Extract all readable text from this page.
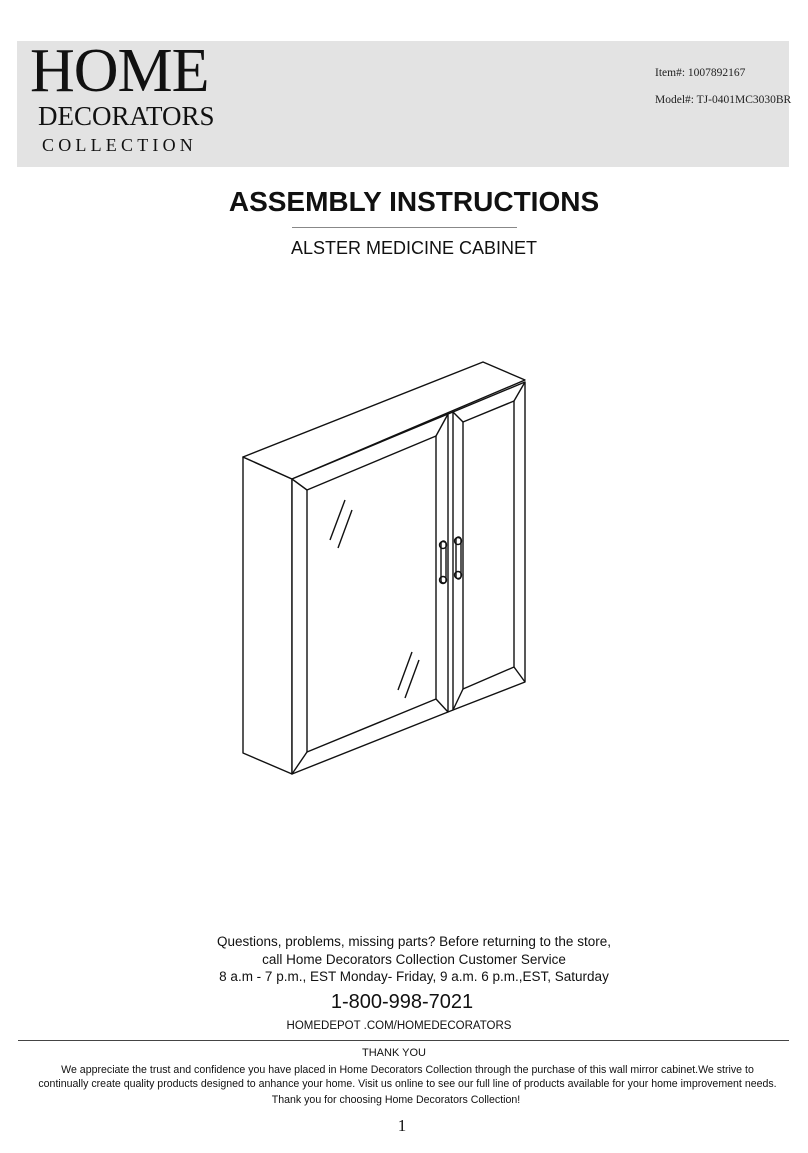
HOME
DECORATORS
COLLECTION
Item#: 1007892167
Model#: TJ-0401MC3030BR
ASSEMBLY INSTRUCTIONS
ALSTER MEDICINE CABINET
Questions, problems, missing parts? Before returning to the store,
call Home Decorators Collection Customer Service
8 a.m - 7 p.m., EST Monday- Friday, 9 a.m. 6 p.m.,EST, Saturday
1-800-998-7021
HOMEDEPOT .COM/HOMEDECORATORS
THANK YOU
We appreciate the trust and confidence you have placed in Home Decorators Collection through the purchase of this wall mirror cabinet.We strive to
continually create quality products designed to anhance your home. Visit us online to see our full line of products available for your home improvement needs.
Thank you for choosing Home Decorators Collection!
1
